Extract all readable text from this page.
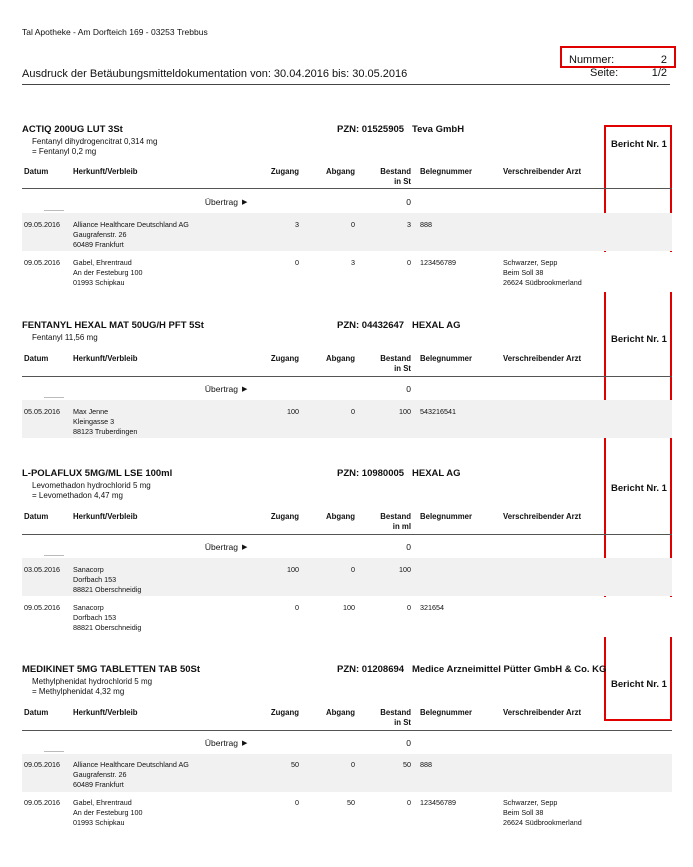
Tal Apotheke - Am Dorfteich 169 - 03253 Trebbus
Ausdruck der Betäubungsmitteldokumentation von: 30.04.2016 bis: 30.05.2016
Nummer:	2
Seite:	1/2
ACTIQ 200UG LUT 3St	PZN: 01525905 Teva GmbH
Fentanyl dihydrogencitrat 0,314 mg
= Fentanyl 0,2 mg
Bericht Nr. 1
Datum	Herkunft/Verbleib	Zugang	Abgang	Bestand
in St
Belegnummer	Verschreibender Arzt
Übertrag ▶	0
09.05.2016 Alliance Healthcare Deutschland AG
Gaugrafenstr. 26
60489 Frankfurt
3	0	3 888
09.05.2016 Gabel, Ehrentraud
An der Festeburg 100
01993 Schipkau
0	3	0 123456789	Schwarzer, Sepp
Beim Soll 38
26624 Südbrookmerland
FENTANYL HEXAL MAT 50UG/H PFT 5St	PZN: 04432647 HEXAL AG
Fentanyl 11,56 mg	Bericht Nr. 1
Datum	Herkunft/Verbleib	Zugang	Abgang	Bestand
in St
Belegnummer	Verschreibender Arzt
Übertrag ▶	0
05.05.2016 Max Jenne
Kleingasse 3
88123 Truberdingen
100	0	100 543216541
L-POLAFLUX 5MG/ML LSE 100ml	PZN: 10980005 HEXAL AG
Levomethadon hydrochlorid 5 mg
= Levomethadon 4,47 mg
Bericht Nr. 1
Datum	Herkunft/Verbleib	Zugang	Abgang	Bestand
in ml
Belegnummer	Verschreibender Arzt
Übertrag ▶	0
03.05.2016 Sanacorp
Dorfbach 153
88821 Oberschneidig
100	0	100
09.05.2016 Sanacorp
Dorfbach 153
88821 Oberschneidig
0	100	0 321654
MEDIKINET 5MG TABLETTEN TAB 50St	PZN: 01208694 Medice Arzneimittel Pütter GmbH & Co. KG
Methylphenidat hydrochlorid 5 mg
= Methylphenidat 4,32 mg
Bericht Nr. 1
Datum	Herkunft/Verbleib	Zugang	Abgang	Bestand
in St
Belegnummer	Verschreibender Arzt
Übertrag ▶	0
09.05.2016 Alliance Healthcare Deutschland AG
Gaugrafenstr. 26
60489 Frankfurt
50	0	50 888
09.05.2016 Gabel, Ehrentraud
An der Festeburg 100
01993 Schipkau
0	50	0 123456789	Schwarzer, Sepp
Beim Soll 38
26624 Südbrookmerland
